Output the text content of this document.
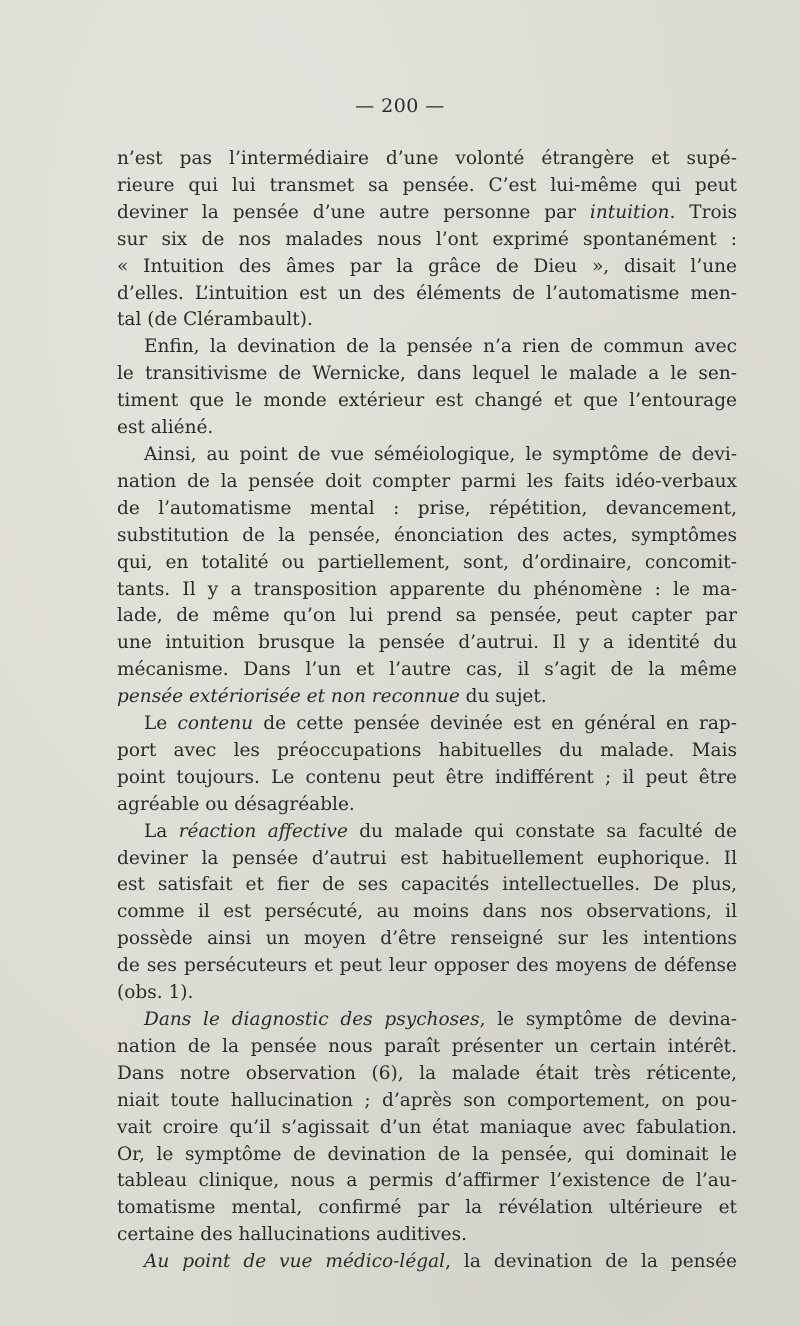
— 200 —
n’est pas l’intermédiaire d’une volonté étrangère et supé-
rieure qui lui transmet sa pensée. C’est lui-même qui peut
deviner la pensée d’une autre personne par intuition. Trois
sur six de nos malades nous l’ont exprimé spontanément :
« Intuition des âmes par la grâce de Dieu », disait l’une
d’elles. L’intuition est un des éléments de l’automatisme men-
tal (de Clérambault).
Enfin, la devination de la pensée n’a rien de commun avec
le transitivisme de Wernicke, dans lequel le malade a le sen-
timent que le monde extérieur est changé et que l’entourage
est aliéné.
Ainsi, au point de vue séméiologique, le symptôme de devi-
nation de la pensée doit compter parmi les faits idéo-verbaux
de l’automatisme mental : prise, répétition, devancement,
substitution de la pensée, énonciation des actes, symptômes
qui, en totalité ou partiellement, sont, d’ordinaire, concomit-
tants. Il y a transposition apparente du phénomène : le ma-
lade, de même qu’on lui prend sa pensée, peut capter par
une intuition brusque la pensée d’autrui. Il y a identité du
mécanisme. Dans l’un et l’autre cas, il s’agit de la même
pensée extériorisée et non reconnue du sujet.
Le contenu de cette pensée devinée est en général en rap-
port avec les préoccupations habituelles du malade. Mais
point toujours. Le contenu peut être indifférent ; il peut être
agréable ou désagréable.
La réaction affective du malade qui constate sa faculté de
deviner la pensée d’autrui est habituellement euphorique. Il
est satisfait et fier de ses capacités intellectuelles. De plus,
comme il est persécuté, au moins dans nos observations, il
possède ainsi un moyen d’être renseigné sur les intentions
de ses persécuteurs et peut leur opposer des moyens de défense
(obs. 1).
Dans le diagnostic des psychoses, le symptôme de devina-
nation de la pensée nous paraît présenter un certain intérêt.
Dans notre observation (6), la malade était très réticente,
niait toute hallucination ; d’après son comportement, on pou-
vait croire qu’il s’agissait d’un état maniaque avec fabulation.
Or, le symptôme de devination de la pensée, qui dominait le
tableau clinique, nous a permis d’affirmer l’existence de l’au-
tomatisme mental, confirmé par la révélation ultérieure et
certaine des hallucinations auditives.
Au point de vue médico-légal, la devination de la pensée
